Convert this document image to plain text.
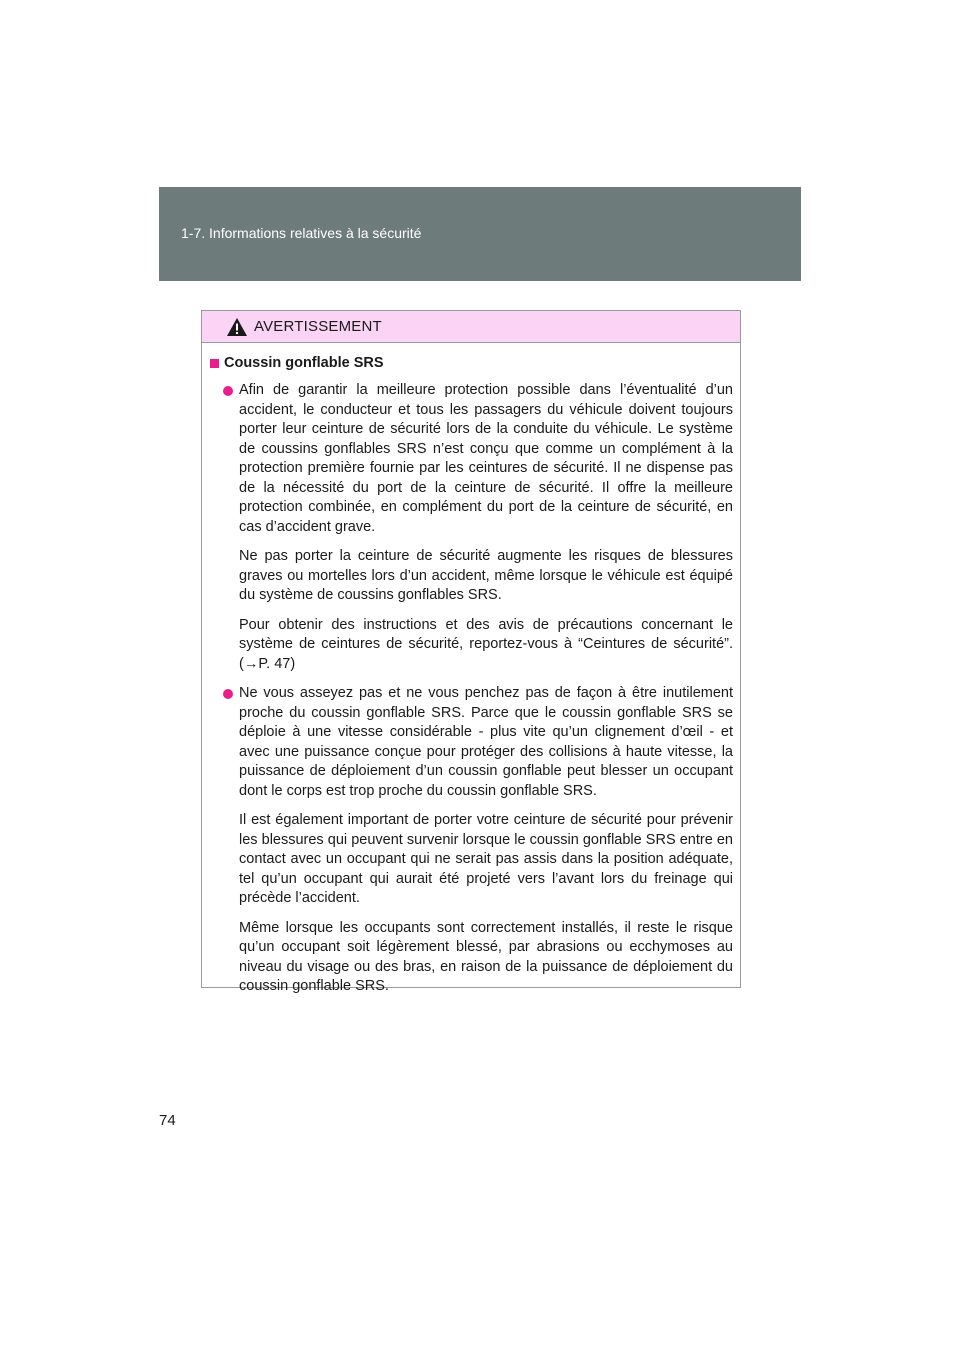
1-7. Informations relatives à la sécurité
AVERTISSEMENT
Coussin gonflable SRS

Afin de garantir la meilleure protection possible dans l’éventualité d’un accident, le conducteur et tous les passagers du véhicule doivent toujours porter leur ceinture de sécurité lors de la conduite du véhicule. Le système de coussins gonflables SRS n’est conçu que comme un complément à la protection première fournie par les ceintures de sécurité. Il ne dispense pas de la nécessité du port de la ceinture de sécurité. Il offre la meilleure protection combinée, en complément du port de la ceinture de sécurité, en cas d’accident grave.

Ne pas porter la ceinture de sécurité augmente les risques de blessures graves ou mortelles lors d’un accident, même lorsque le véhicule est équipé du système de coussins gonflables SRS.

Pour obtenir des instructions et des avis de précautions concernant le système de ceintures de sécurité, reportez-vous à “Ceintures de sécurité”. (→P. 47)

Ne vous asseyez pas et ne vous penchez pas de façon à être inutilement proche du coussin gonflable SRS. Parce que le coussin gonflable SRS se déploie à une vitesse considérable - plus vite qu’un clignement d’œil - et avec une puissance conçue pour protéger des collisions à haute vitesse, la puissance de déploiement d’un coussin gonflable peut blesser un occupant dont le corps est trop proche du coussin gonflable SRS.

Il est également important de porter votre ceinture de sécurité pour prévenir les blessures qui peuvent survenir lorsque le coussin gonflable SRS entre en contact avec un occupant qui ne serait pas assis dans la position adéquate, tel qu’un occupant qui aurait été projeté vers l’avant lors du freinage qui précède l’accident.

Même lorsque les occupants sont correctement installés, il reste le risque qu’un occupant soit légèrement blessé, par abrasions ou ecchymoses au niveau du visage ou des bras, en raison de la puissance de déploiement du coussin gonflable SRS.

74
